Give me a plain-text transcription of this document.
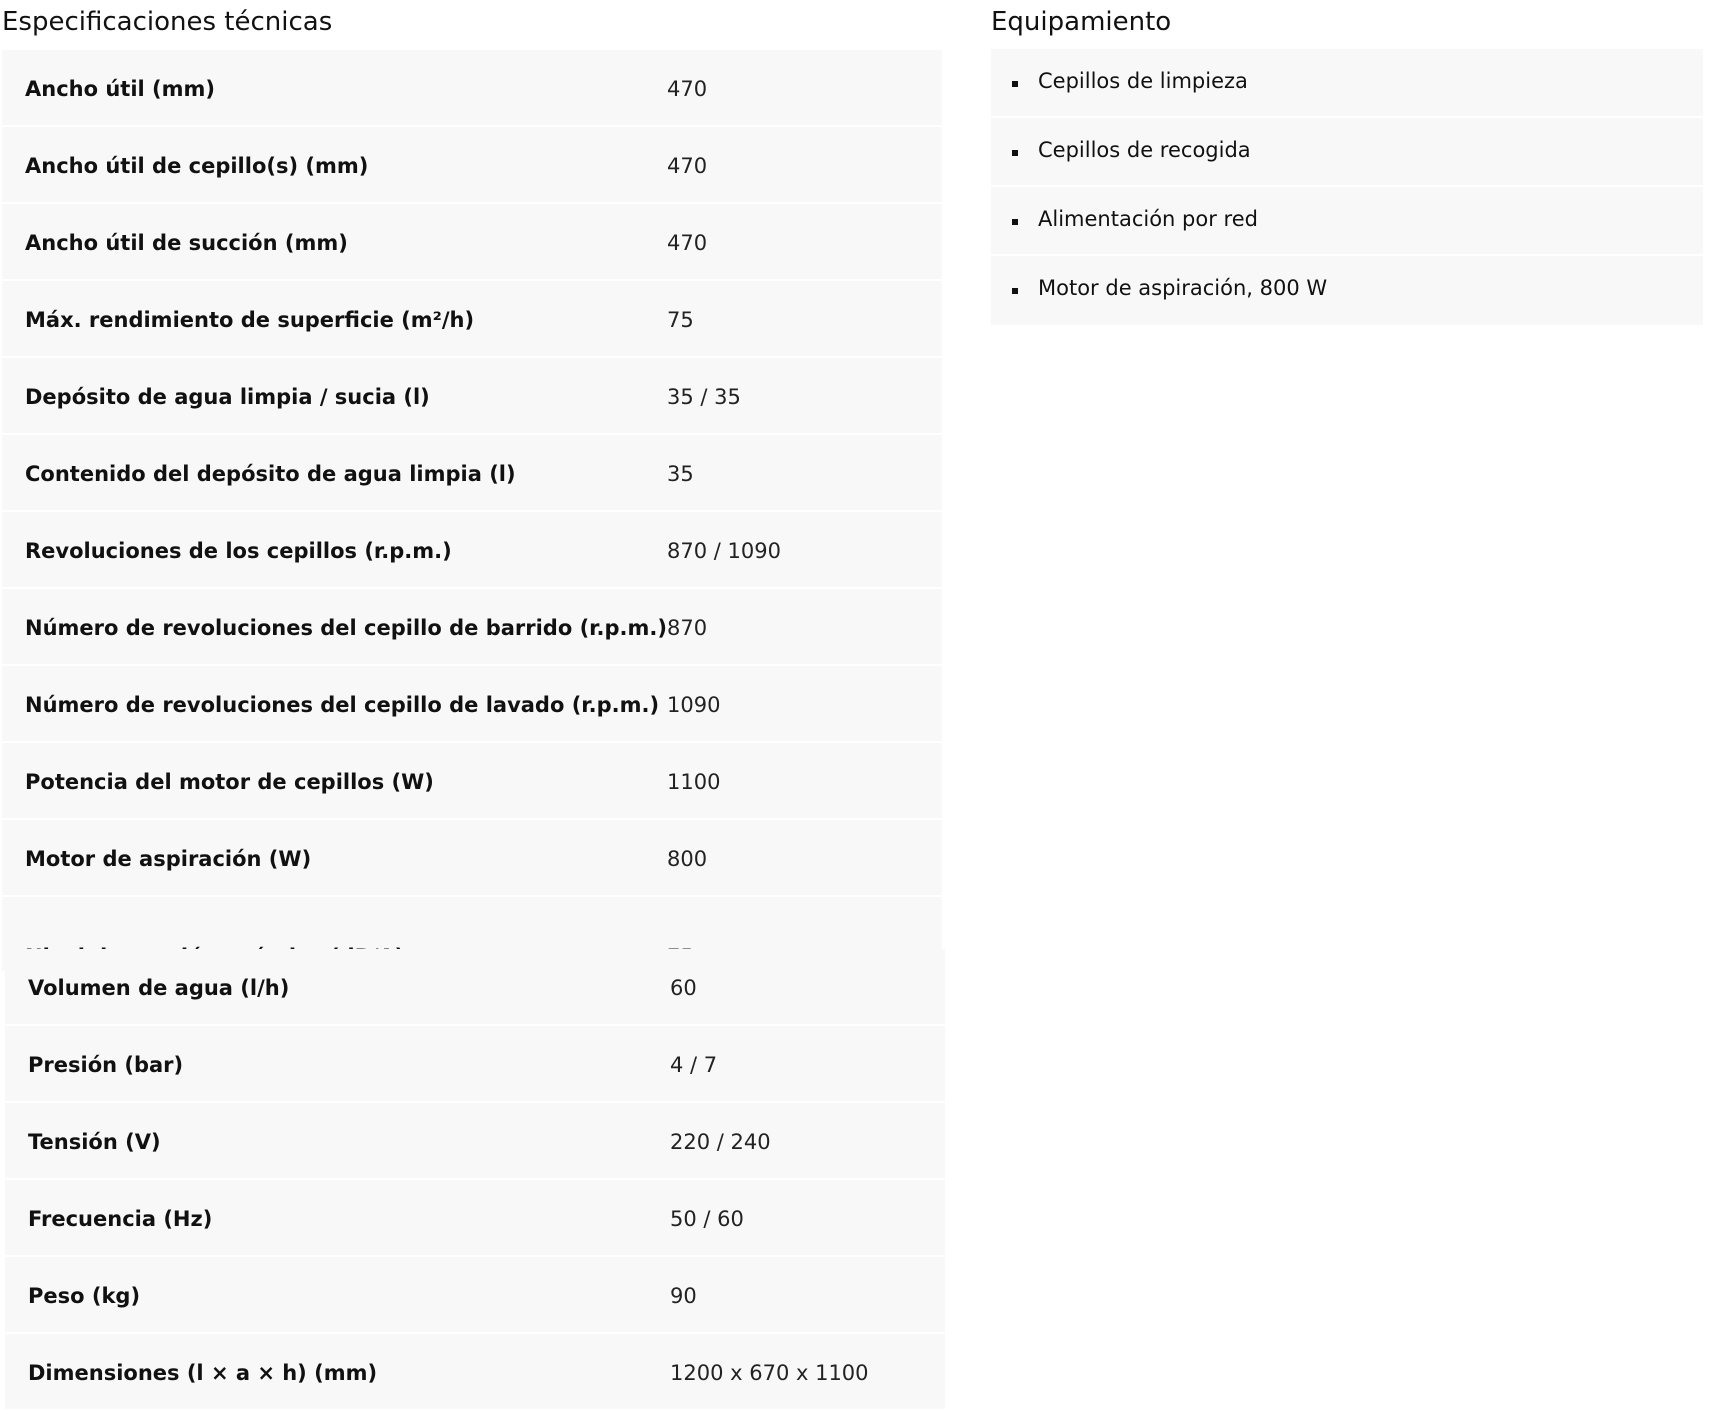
Especificaciones técnicas
Ancho útil (mm)	470
Ancho útil de cepillo(s) (mm)	470
Ancho útil de succión (mm)	470
Máx. rendimiento de superficie (m²/h)	75
Depósito de agua limpia / sucia (l)	35 / 35
Contenido del depósito de agua limpia (l)	35
Revoluciones de los cepillos (r.p.m.)	870 / 1090
Número de revoluciones del cepillo de barrido (r.p.m.) 870
Número de revoluciones del cepillo de lavado (r.p.m.) 1090
Potencia del motor de cepillos (W)	1100
Motor de aspiración (W)	800
Volumen de agua (l/h)	60
Presión (bar)	4 / 7
Tensión (V)	220 / 240
Frecuencia (Hz)	50 / 60
Peso (kg)	90
Dimensiones (l × a × h) (mm)	1200 x 670 x 1100
Equipamiento
Cepillos de limpieza
Cepillos de recogida
Alimentación por red
Motor de aspiración, 800 W
